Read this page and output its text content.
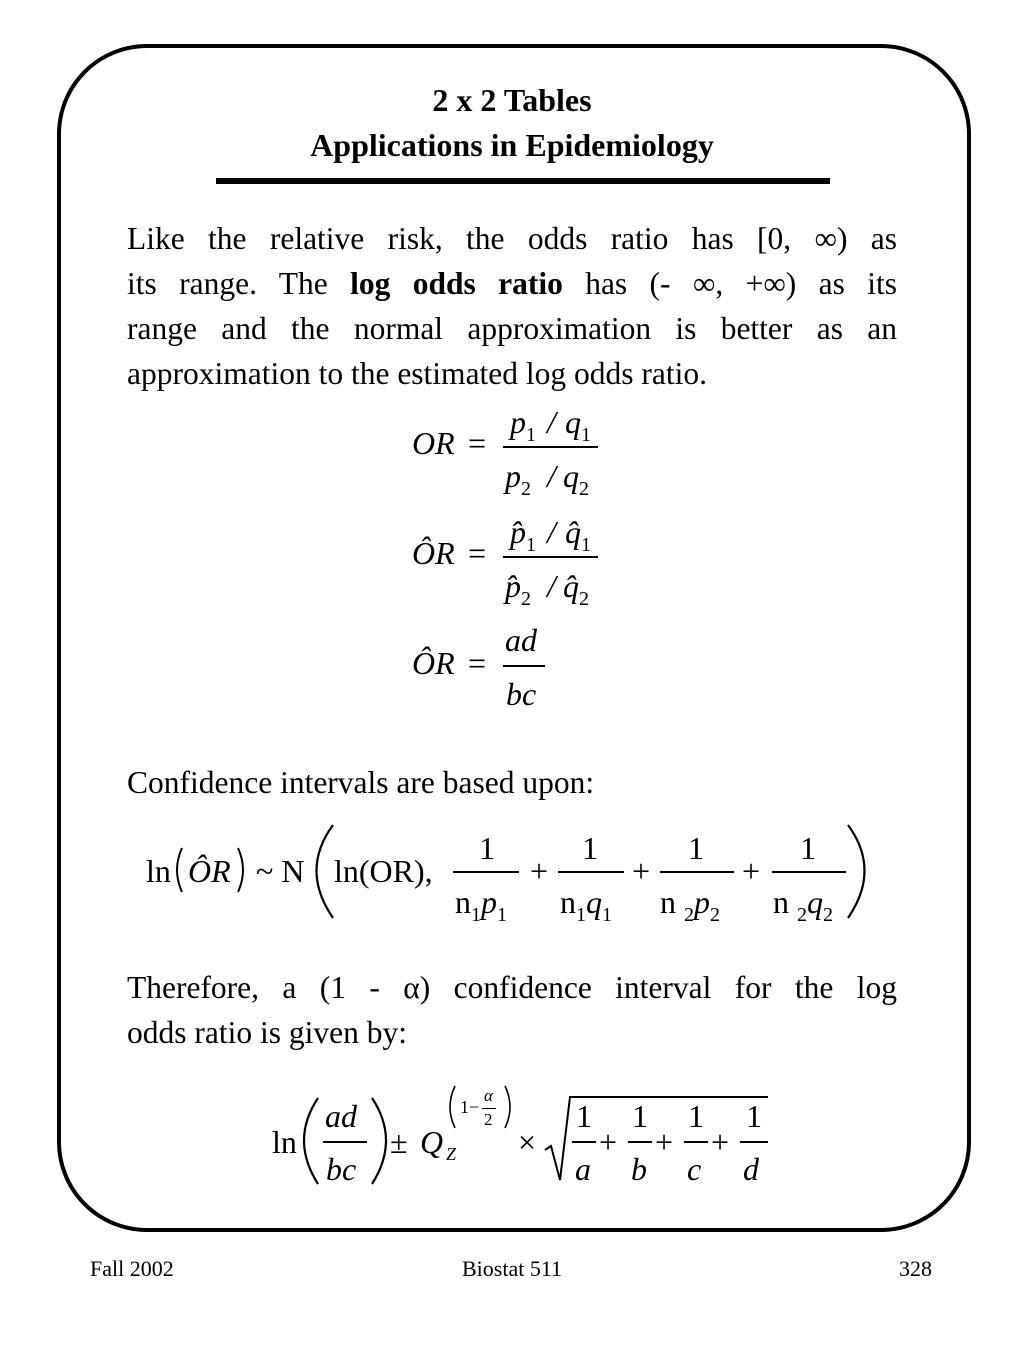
2 x 2 Tables
Applications in Epidemiology
Like the relative risk, the odds ratio has [0, ∞) as
its range. The log odds ratio has (- ∞, +∞) as its
range and the normal approximation is better as an
approximation to the estimated log odds ratio.
OR =
$p_1 / q_1$
$p_2 / q_2$
ÔR =
$p̂_1$ / $q̂_1$
$p̂_2$ / $q̂_2$
ÔR =
ad
bc
Confidence intervals are based upon:
ln ÔR ~ N ln(OR),
1
$n_1p_1$
+
1
$n_1q_1$
+
1
n $_2p_2$
+
1
n $_2q_2$
Therefore, a (1 - α) confidence interval for the log
odds ratio is given by:
ln
ad
bc
± Q Z
1−
α
2
×
1
a
+
1
b
+
1
c
+
1
d
Fall 2002	Biostat 511	328
